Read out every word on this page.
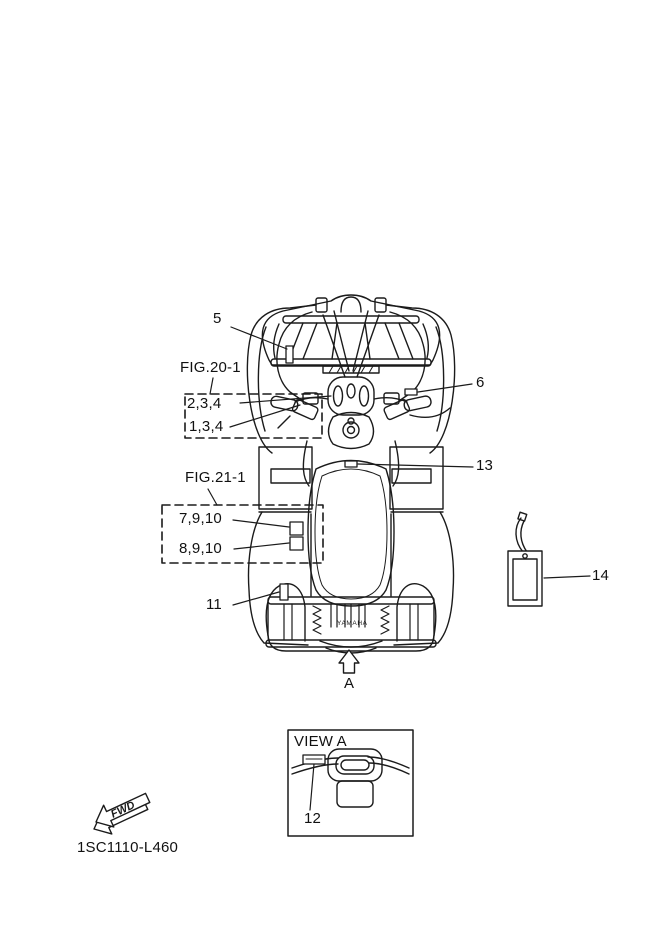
YAMAHA
FWD
5
FIG.20-1
2,3,4
1,3,4
6
13
FIG.21-1
7,9,10
8,9,10
11
14
A
VIEW A
12
1SC1110-L460
